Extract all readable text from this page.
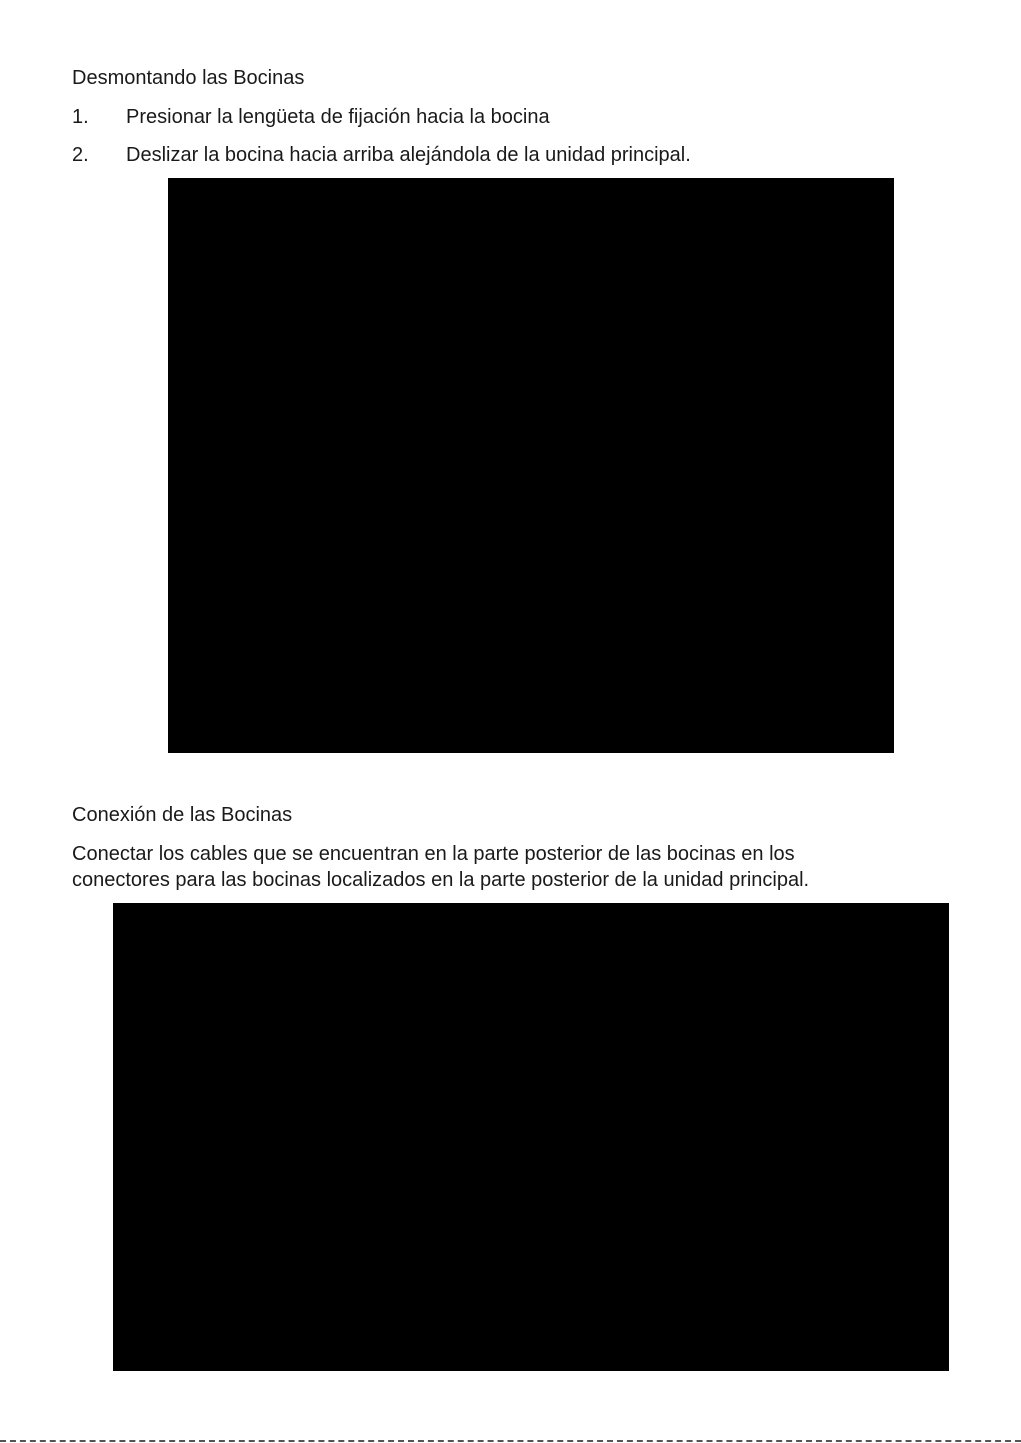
Desmontando las Bocinas
1. Presionar la lengüeta de fijación hacia la bocina
2. Deslizar la bocina hacia arriba alejándola de la unidad principal.
Conexión de las Bocinas

Conectar los cables que se encuentran en la parte posterior de las bocinas en los
conectores para las bocinas localizados en la parte posterior de la unidad principal.
